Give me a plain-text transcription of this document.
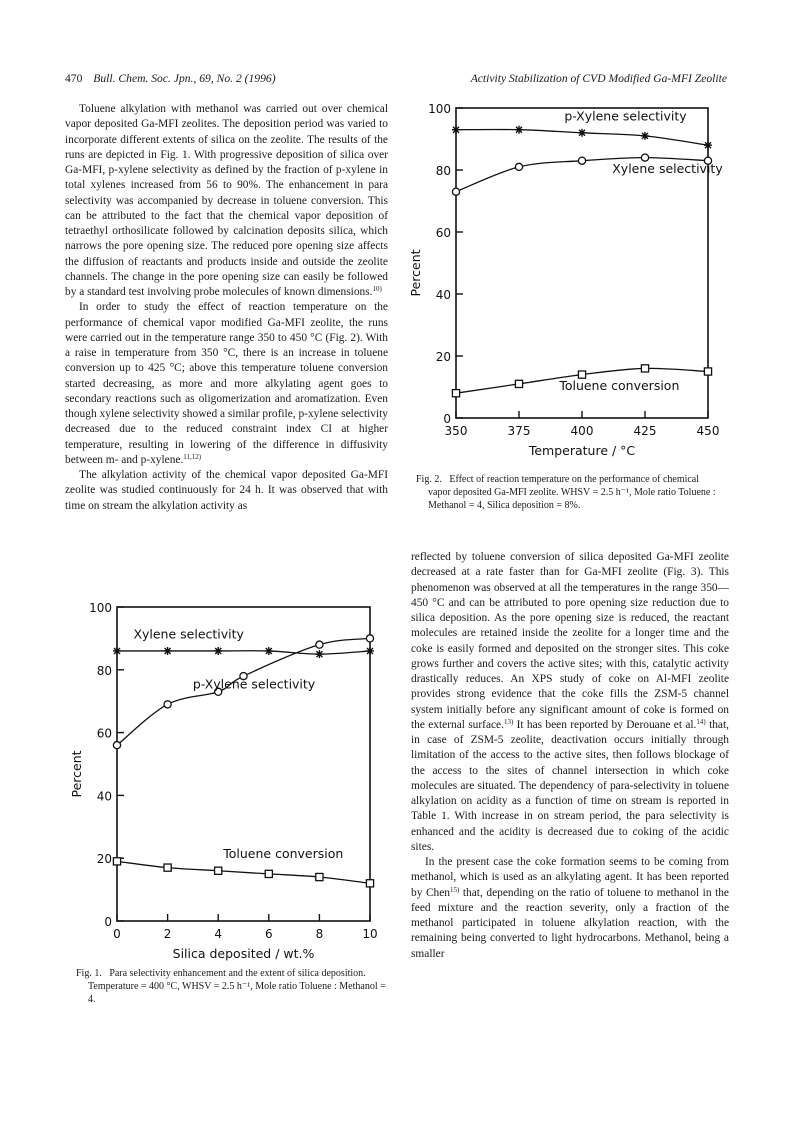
470 Bull. Chem. Soc. Jpn., 69, No. 2 (1996)	Activity Stabilization of CVD Modified Ga-MFI Zeolite

Toluene alkylation with methanol was carried out over chemical vapor deposited Ga-MFI zeolites. The deposition period was varied to incorporate different extents of silica on the zeolite. The results of the runs are depicted in Fig. 1. With progressive deposition of silica over Ga-MFI, p-xylene selectivity as defined by the fraction of p-xylene in total xylenes increased from 56 to 90%. The enhancement in para selectivity was accompanied by decrease in toluene conversion. This can be attributed to the fact that the chemical vapor deposition of tetraethyl orthosilicate followed by calcination deposits silica, which narrows the pore opening size. The reduced pore opening size affects the diffusion of reactants and products inside and outside the zeolite channels. The change in the pore opening size can easily be followed by a standard test involving probe molecules of known dimensions.$^{10)}$

In order to study the effect of reaction temperature on the performance of chemical vapor modified Ga-MFI zeolite, the runs were carried out in the temperature range 350 to 450 °C (Fig. 2). With a raise in temperature from 350 °C, there is an increase in toluene conversion up to 425 °C; above this temperature toluene conversion started decreasing, as more and more alkylating agent goes to secondary reactions such as oligomerization and aromatization. Even though xylene selectivity showed a similar profile, p-xylene selectivity decreased due to the reduced constraint index CI at higher temperature, resulting in lowering of the difference in diffusivity between m- and p-xylene.$^{11,12)}$

The alkylation activity of the chemical vapor deposited Ga-MFI zeolite was studied continuously for 24 h. It was observed that with time on stream the alkylation activity as

reflected by toluene conversion of silica deposited Ga-MFI zeolite decreased at a rate faster than for Ga-MFI zeolite (Fig. 3). This phenomenon was observed at all the temperatures in the range 350—450 °C and can be attributed to pore opening size reduction due to silica deposition. As the pore opening size is reduced, the reactant molecules are retained inside the zeolite for a longer time and the coke is easily formed and deposited on the stronger sites. This coke grows further and covers the active sites; with this, catalytic activity drastically reduces. An XPS study of coke on Al-MFI zeolite provides strong evidence that the coke fills the ZSM-5 channel system initially before any significant amount of coke is formed on the external surface.$^{13)}$ It has been reported by Derouane et al.$^{14)}$ that, in case of ZSM-5 zeolite, deactivation occurs initially through limitation of the access to the active sites, then follows blockage of the access to the sites of channel intersection in which coke molecules are situated. The dependency of para-selectivity in toluene alkylation on acidity as a function of time on stream is reported in Table 1. With increase in on stream period, the para selectivity is enhanced and the acidity is decreased due to coking of the acidic sites.

In the present case the coke formation seems to be coming from methanol, which is used as an alkylating agent. It has been reported by Chen$^{15)}$ that, depending on the ratio of toluene to methanol in the feed mixture and the reaction severity, only a fraction of the methanol participated in toluene alkylation reaction, with the remaining being converted to light hydrocarbons. Methanol, being a smaller

0
20
40
60
80
100
350	375	400	425	450
Temperature / °C
Percent
p-Xylene selectivity
Xylene selectivity
Toluene conversion
0
20
40
60
80
100
0	2	4	6	8	10
Silica deposited / wt.%
Percent
Xylene selectivity
p-Xylene selectivity
Toluene conversion
Fig. 2. Effect of reaction temperature on the performance of chemical vapor deposited Ga-MFI zeolite. WHSV = 2.5 h⁻¹, Mole ratio Toluene : Methanol = 4, Silica deposition = 8%.
Fig. 1. Para selectivity enhancement and the extent of silica deposition. Temperature = 400 °C, WHSV = 2.5 h⁻¹, Mole ratio Toluene : Methanol = 4.
